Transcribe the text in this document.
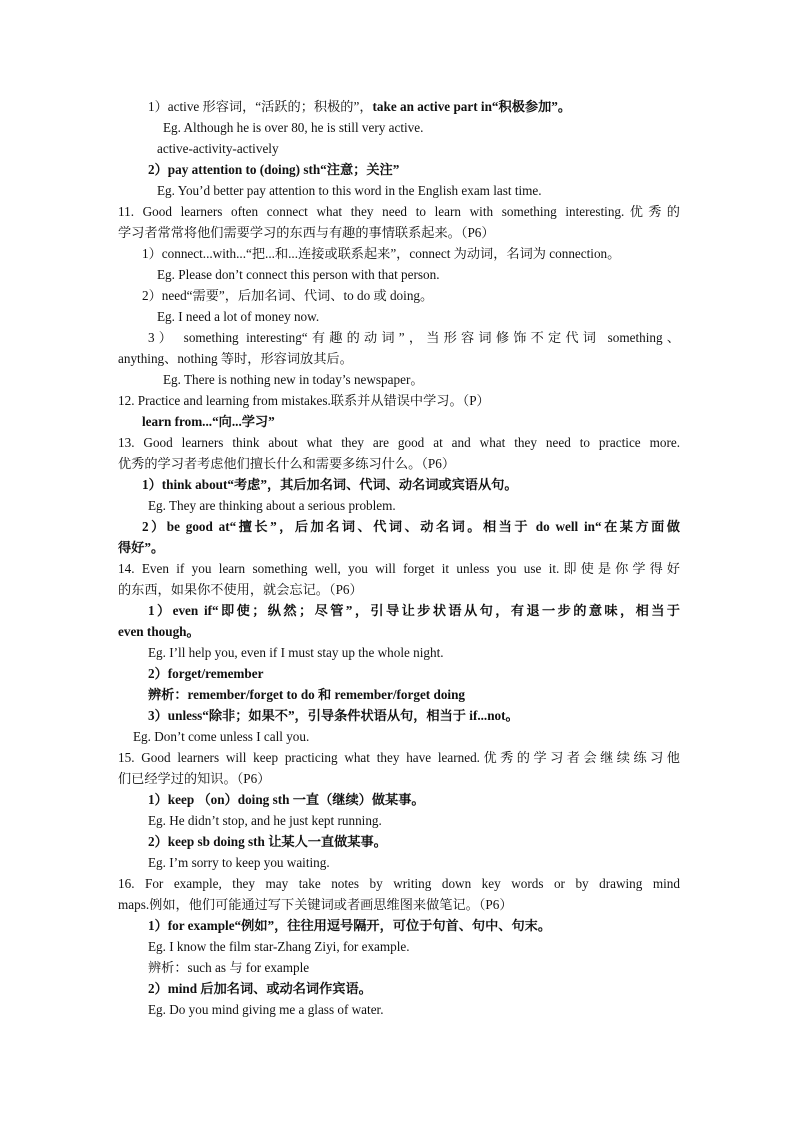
1）active 形容词，“活跃的；积极的”，take an active part in“积极参加”。
Eg. Although he is over 80, he is still very active.
active-activity-actively
2）pay attention to (doing) sth“注意；关注”
Eg. You’d better pay attention to this word in the English exam last time.
11. Good learners often connect what they need to learn with something interesting.优秀的
学习者常常将他们需要学习的东西与有趣的事情联系起来。（P6）
1）connect...with...“把...和...连接或联系起来”，connect 为动词，名词为 connection。
Eg. Please don’t connect this person with that person.
2）need“需要”，后加名词、代词、to do 或 doing。
Eg. I need a lot of money now.
3） something interesting“有趣的动词”，当形容词修饰不定代词 something、
anything、nothing 等时，形容词放其后。
Eg. There is nothing new in today’s newspaper。
12. Practice and learning from mistakes.联系并从错误中学习。（P）
learn from...“向...学习”
13. Good learners think about what they are good at and what they need to practice more.
优秀的学习者考虑他们擅长什么和需要多练习什么。（P6）
1）think about“考虑”，其后加名词、代词、动名词或宾语从句。
Eg. They are thinking about a serious problem.
2）be good at“擅长”，后加名词、代词、动名词。相当于 do well in“在某方面做
得好”。
14. Even if you learn something well, you will forget it unless you use it.即使是你学得好
的东西，如果你不使用，就会忘记。（P6）
1）even if“即使；纵然；尽管”，引导让步状语从句，有退一步的意味，相当于
even though。
Eg. I’ll help you, even if I must stay up the whole night.
2）forget/remember
辨析：remember/forget to do 和 remember/forget doing
3）unless“除非；如果不”，引导条件状语从句，相当于 if...not。
Eg. Don’t come unless I call you.
15. Good learners will keep practicing what they have learned.优秀的学习者会继续练习他
们已经学过的知识。（P6）
1）keep （on）doing sth 一直（继续）做某事。
Eg. He didn’t stop, and he just kept running.
2）keep sb doing sth 让某人一直做某事。
Eg. I’m sorry to keep you waiting.
16. For example, they may take notes by writing down key words or by drawing mind
maps.例如，他们可能通过写下关键词或者画思维图来做笔记。（P6）
1）for example“例如”，往往用逗号隔开，可位于句首、句中、句末。
Eg. I know the film star-Zhang Ziyi, for example.
辨析：such as 与 for example
2）mind 后加名词、或动名词作宾语。
Eg. Do you mind giving me a glass of water.
